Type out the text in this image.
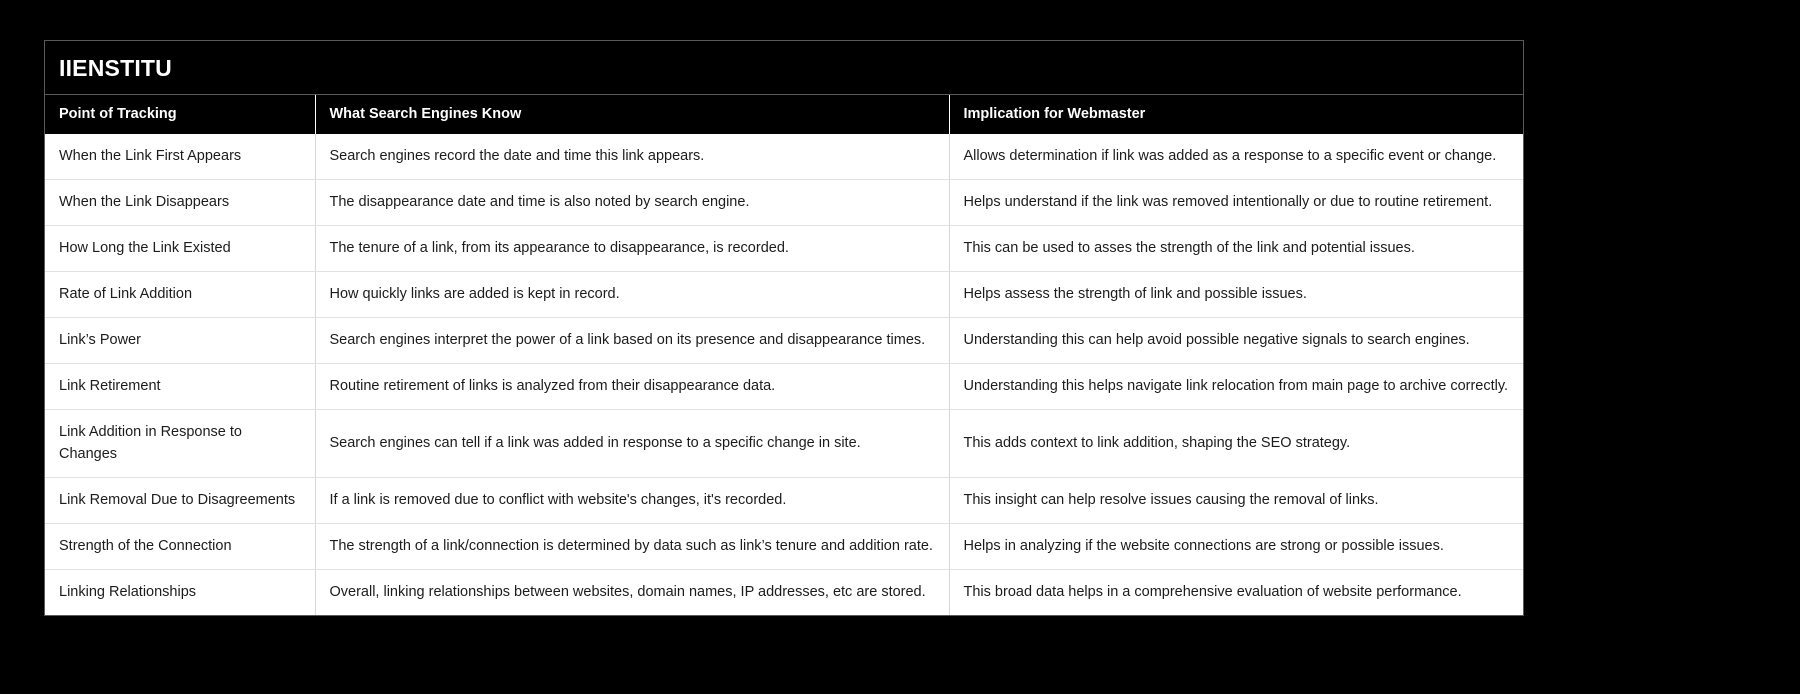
IIENSTITU
Point of Tracking	What Search Engines Know	Implication for Webmaster
When the Link First Appears	Search engines record the date and time this link appears.	Allows determination if link was added as a response to a specific event or change.
When the Link Disappears	The disappearance date and time is also noted by search engine.	Helps understand if the link was removed intentionally or due to routine retirement.
How Long the Link Existed	The tenure of a link, from its appearance to disappearance, is recorded.	This can be used to asses the strength of the link and potential issues.
Rate of Link Addition	How quickly links are added is kept in record.	Helps assess the strength of link and possible issues.
Link’s Power	Search engines interpret the power of a link based on its presence and disappearance times.	Understanding this can help avoid possible negative signals to search engines.
Link Retirement	Routine retirement of links is analyzed from their disappearance data.	Understanding this helps navigate link relocation from main page to archive correctly.
Link Addition in Response to Changes	Search engines can tell if a link was added in response to a specific change in site.	This adds context to link addition, shaping the SEO strategy.
Link Removal Due to Disagreements	If a link is removed due to conflict with website's changes, it's recorded.	This insight can help resolve issues causing the removal of links.
Strength of the Connection	The strength of a link/connection is determined by data such as link’s tenure and addition rate.	Helps in analyzing if the website connections are strong or possible issues.
Linking Relationships	Overall, linking relationships between websites, domain names, IP addresses, etc are stored.	This broad data helps in a comprehensive evaluation of website performance.
